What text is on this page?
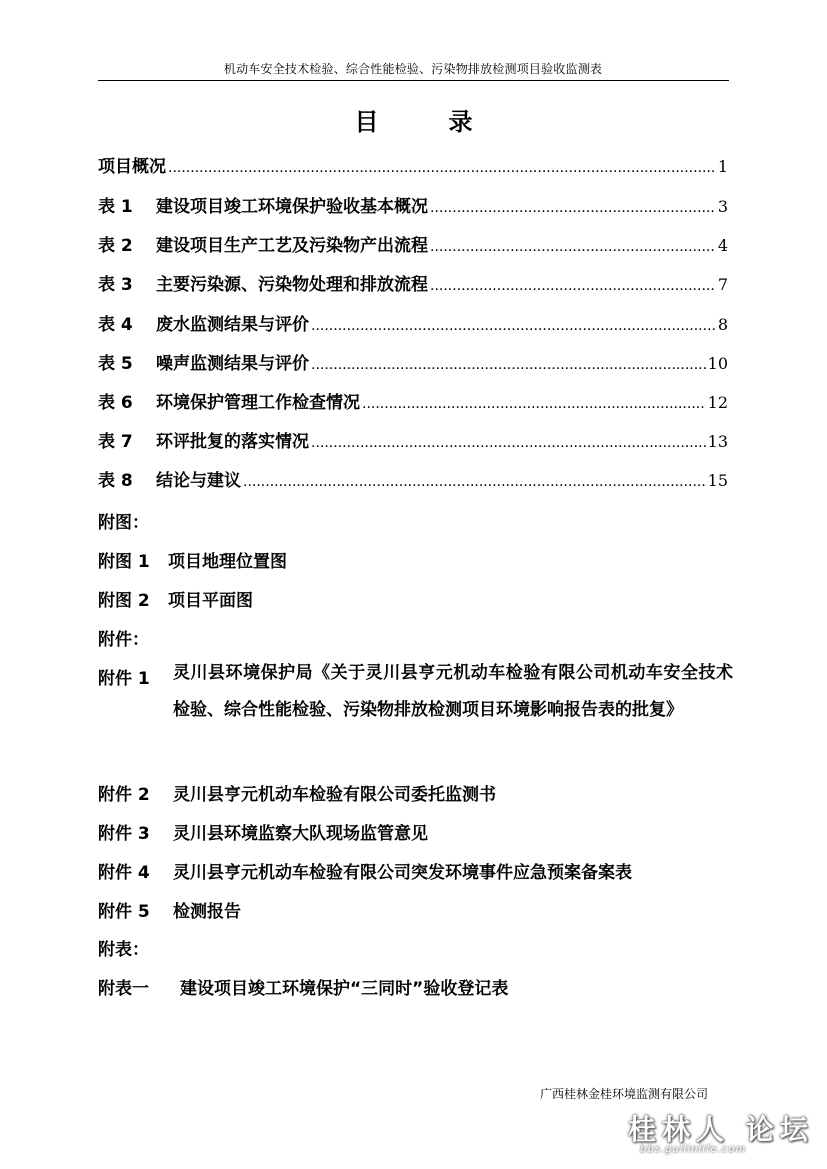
机动车安全技术检验、综合性能检验、污染物排放检测项目验收监测表
目	录
项目概况 .....	1
表 1	建设项目竣工环境保护验收基本概况 .....	3
表 2	建设项目生产工艺及污染物产出流程 .....	4
表 3	主要污染源、污染物处理和排放流程 .....	7
表 4	废水监测结果与评价 .....	8
表 5	噪声监测结果与评价 .....	10
表 6	环境保护管理工作检查情况 .....	12
表 7	环评批复的落实情况 .....	13
表 8	结论与建议 .....	15
附图：
附图 1	项目地理位置图
附图 2	项目平面图
附件：
附件 1 灵川县环境保护局《关于灵川县亨元机动车检验有限公司机动车安全技术检验、综合性能检验、污染物排放检测项目环境影响报告表的批复》
附件 2	灵川县亨元机动车检验有限公司委托监测书
附件 3	灵川县环境监察大队现场监管意见
附件 4	灵川县亨元机动车检验有限公司突发环境事件应急预案备案表
附件 5	检测报告
附表：
附表一	建设项目竣工环境保护“三同时”验收登记表
广西桂林金桂环境监测有限公司
桂林人 论坛
bbs.guilinlife.com
